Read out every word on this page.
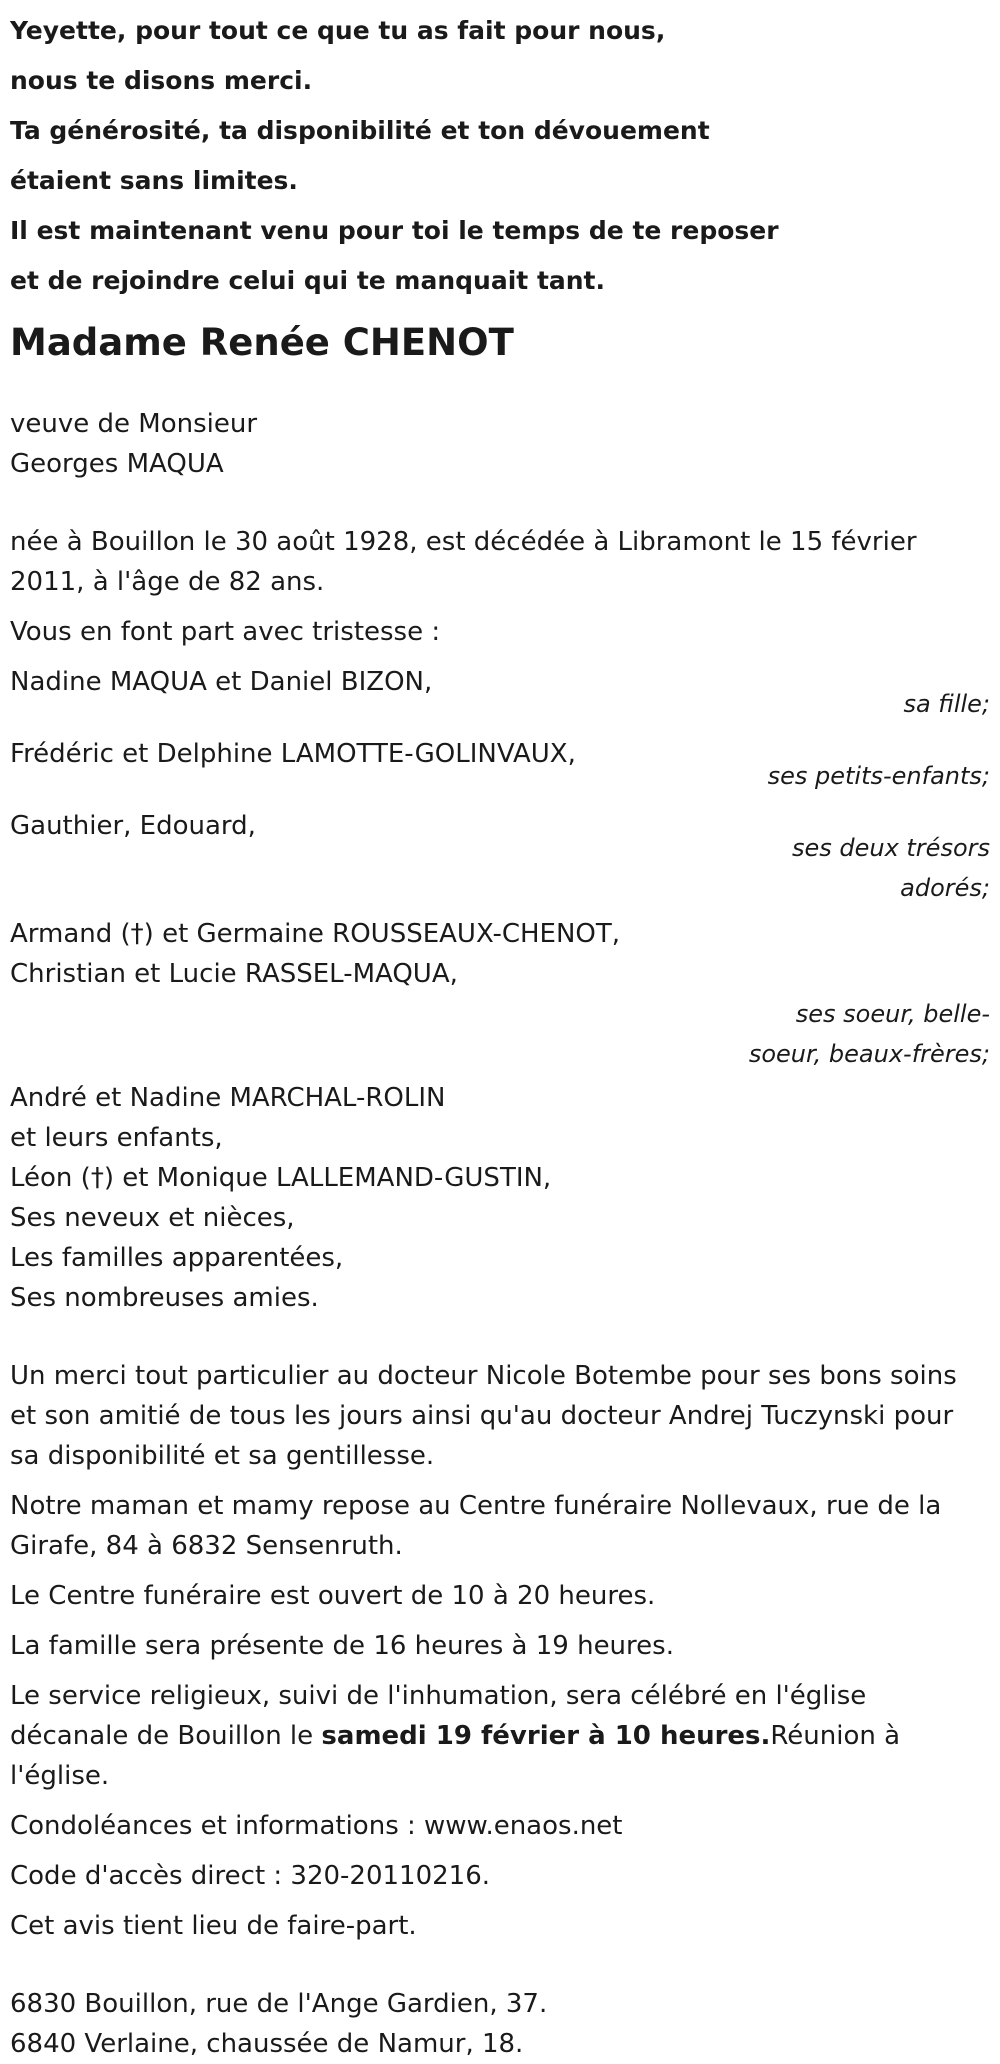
Yeyette, pour tout ce que tu as fait pour nous,
nous te disons merci.
Ta générosité, ta disponibilité et ton dévouement
étaient sans limites.
Il est maintenant venu pour toi le temps de te reposer
et de rejoindre celui qui te manquait tant.
Madame Renée CHENOT
veuve de Monsieur
Georges MAQUA
née à Bouillon le 30 août 1928, est décédée à Libramont le 15 février 2011, à l'âge de 82 ans.
Vous en font part avec tristesse :
Nadine MAQUA et Daniel BIZON,
sa fille;
Frédéric et Delphine LAMOTTE-GOLINVAUX,
ses petits-enfants;
Gauthier, Edouard,
ses deux trésors
adorés;
Armand (†) et Germaine ROUSSEAUX-CHENOT,
Christian et Lucie RASSEL-MAQUA,
ses soeur, belle-
soeur, beaux-frères;
André et Nadine MARCHAL-ROLIN
et leurs enfants,
Léon (†) et Monique LALLEMAND-GUSTIN,
Ses neveux et nièces,
Les familles apparentées,
Ses nombreuses amies.
Un merci tout particulier au docteur Nicole Botembe pour ses bons soins et son amitié de tous les jours ainsi qu'au docteur Andrej Tuczynski pour sa disponibilité et sa gentillesse.
Notre maman et mamy repose au Centre funéraire Nollevaux, rue de la Girafe, 84 à 6832 Sensenruth.
Le Centre funéraire est ouvert de 10 à 20 heures.
La famille sera présente de 16 heures à 19 heures.
Le service religieux, suivi de l'inhumation, sera célébré en l'église décanale de Bouillon le samedi 19 février à 10 heures.Réunion à l'église.
Condoléances et informations : www.enaos.net
Code d'accès direct : 320-20110216.
Cet avis tient lieu de faire-part.
6830 Bouillon, rue de l'Ange Gardien, 37.
6840 Verlaine, chaussée de Namur, 18.
